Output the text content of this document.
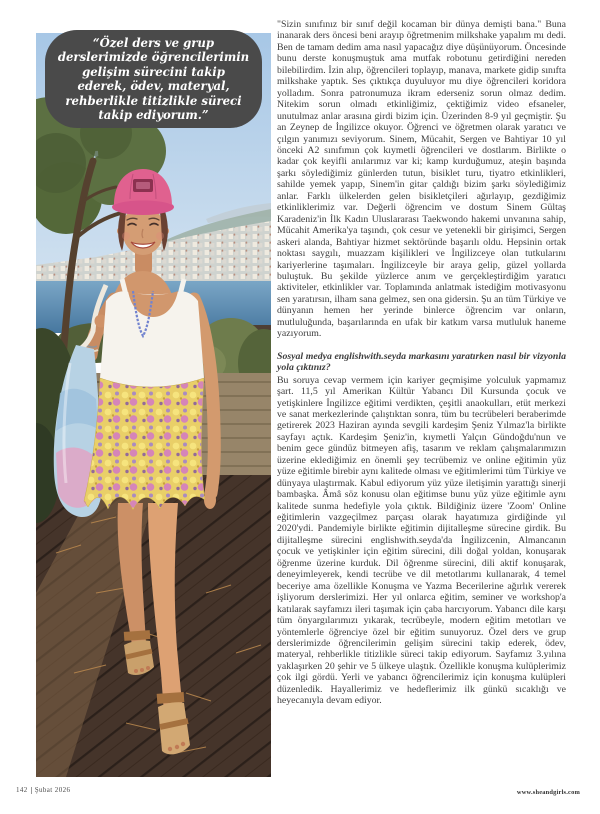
“Özel ders ve grup derslerimizde öğrencilerimin gelişim sürecini takip ederek, ödev, materyal, rehberlikle titizlikle süreci takip ediyorum.”

"Sizin sınıfınız bir sınıf değil kocaman bir dünya demişti bana." Buna inanarak ders öncesi beni arayıp öğretmenim milkshake yapalım mı dedi. Ben de tamam dedim ama nasıl yapacağız diye düşünüyorum. Öncesinde bunu derste konuşmuştuk ama mutfak robotunu getirdiğini nereden bilebilirdim. İzin alıp, öğrencileri toplayıp, manava, markete gidip sınıfta milkshake yaptık. Ses çıktıkça duyuluyor mu diye öğrencileri koridora yolladım. Sonra patronumuza ikram ederseniz sorun olmaz dedim. Nitekim sorun olmadı etkinliğimiz, çektiğimiz video efsaneler, unutulmaz anlar arasına girdi bizim için. Üzerinden 8-9 yıl geçmiştir. Şu an Zeynep de İngilizce okuyor. Öğrenci ve öğretmen olarak yaratıcı ve çılgın yanımızı seviyorum. Sinem, Mücahit, Sergen ve Bahtiyar 10 yıl önceki A2 sınıfımın çok kıymetli öğrencileri ve dostlarım. Birlikte o kadar çok keyifli anılarımız var ki; kamp kurduğumuz, ateşin başında şarkı söylediğimiz günlerden tutun, bisiklet turu, tiyatro etkinlikleri, sahilde yemek yapıp, Sinem'in gitar çaldığı bizim şarkı söylediğimiz anlar. Farklı ülkelerden gelen bisikletçileri ağırlayıp, gezdiğimiz etkinliklerimiz var. Değerli öğrencim ve dostum Sinem Gültaş Karadeniz'in İlk Kadın Uluslararası Taekwondo hakemi unvanına sahip, Mücahit Amerika'ya taşındı, çok cesur ve yetenekli bir girişimci, Sergen askeri alanda, Bahtiyar hizmet sektöründe başarılı oldu. Hepsinin ortak noktası saygılı, muazzam kişilikleri ve İngilizceye olan tutkularını kariyerlerine taşımaları. İngilizceyle bir araya gelip, güzel yollarda buluştuk. Bu şekilde yüzlerce anım ve gerçekleştirdiğim yaratıcı aktiviteler, etkinlikler var. Toplamında anlatmak istediğim motivasyonu sen yaratırsın, ilham sana gelmez, sen ona gidersin. Şu an tüm Türkiye ve dünyanın hemen her yerinde binlerce öğrencim var onların, mutluluğunda, başarılarında en ufak bir katkım varsa mutluluk haneme yazıyorum.

Sosyal medya englishwith.seyda markasını yaratırken nasıl bir vizyonla yola çıktınız?

Bu soruya cevap vermem için kariyer geçmişime yolculuk yapmamız şart. 11,5 yıl Amerikan Kültür Yabancı Dil Kursunda çocuk ve yetişkinlere İngilizce eğitimi verdikten, çeşitli anaokulları, etüt merkezi ve sanat merkezlerinde çalıştıktan sonra, tüm bu tecrübeleri beraberimde getirerek 2023 Haziran ayında sevgili kardeşim Şeniz Yılmaz'la birlikte sayfayı açtık. Kardeşim Şeniz'in, kıymetli Yalçın Gündoğdu'nun ve benim gece gündüz bitmeyen afiş, tasarım ve reklam çalışmalarımızın üzerine eklediğimiz en önemli şey tecrübemiz ve online eğitimin yüz yüze eğitimle birebir aynı kalitede olması ve eğitimlerimi tüm Türkiye ve dünyaya ulaştırmak. Kabul ediyorum yüz yüze iletişimin yarattığı sinerji bambaşka. Âmâ söz konusu olan eğitimse bunu yüz yüze eğitimle aynı kalitede sunma hedefiyle yola çıktık. Bildiğiniz üzere 'Zoom' Online eğitimlerin vazgeçilmez parçası olarak hayatımıza girdiğinde yıl 2020'ydi. Pandemiyle birlikte eğitimin dijitalleşme sürecine girdik. Bu dijitalleşme sürecini englishwith.seyda'da İngilizcenin, Almancanın çocuk ve yetişkinler için eğitim sürecini, dili doğal yoldan, konuşarak öğrenme üzerine kurduk. Dil öğrenme sürecini, dili aktif konuşarak, deneyimleyerek, kendi tecrübe ve dil metotlarımı kullanarak, 4 temel beceriye ama özellikle Konuşma ve Yazma Becerilerine ağırlık vererek işliyorum derslerimizi. Her yıl onlarca eğitim, seminer ve workshop'a katılarak sayfamızı ileri taşımak için çaba harcıyorum. Yabancı dile karşı tüm önyargılarımızı yıkarak, tecrübeyle, modern eğitim metotları ve yöntemlerle öğrenciye özel bir eğitim sunuyoruz. Özel ders ve grup derslerimizde öğrencilerimin gelişim sürecini takip ederek, ödev, materyal, rehberlikle titizlikle süreci takip ediyorum. Sayfamız 3.yılına yaklaşırken 20 şehir ve 5 ülkeye ulaştık. Özellikle konuşma kulüplerimiz çok ilgi gördü. Yerli ve yabancı öğrencilerimiz için konuşma kulüpleri düzenledik. Hayallerimiz ve hedeflerimiz ilk günkü sıcaklığı ve heyecanıyla devam ediyor.

142 Şubat 2026	www.sheandgirls.com
